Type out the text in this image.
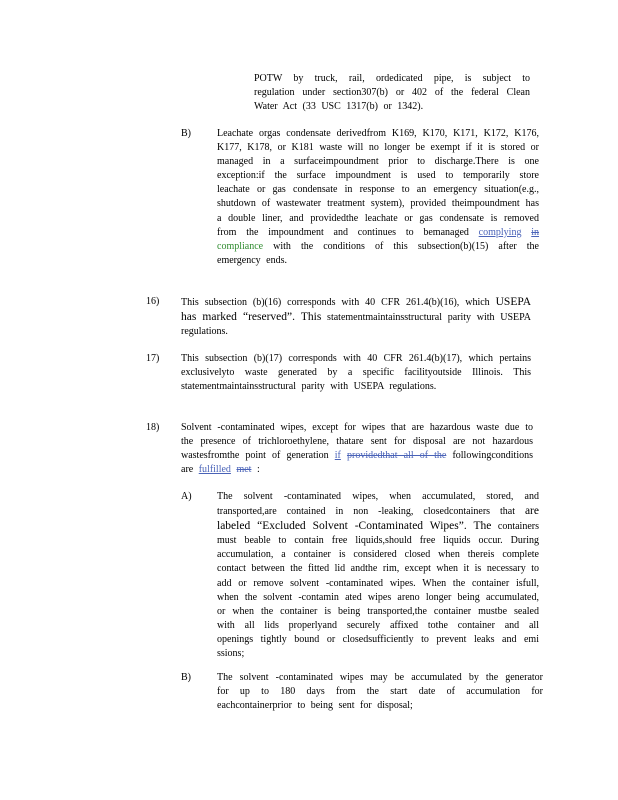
POTW by truck, rail, ordedicated pipe, is subject to regulation under section307(b) or 402 of the federal Clean Water Act (33 USC 1317(b) or 1342).
B)	Leachate orgas condensate derivedfrom K169, K170, K171, K172, K176, K177, K178, or K181 waste will no longer be exempt if it is stored or managed in a surfaceimpoundment prior to discharge.There is one exception:if the surface impoundment is used to temporarily store leachate or gas condensate in response to an emergency situation(e.g., shutdown of wastewater treatment system), provided theimpoundment has a double liner, and providedthe leachate or gas condensate is removed from the impoundment and continues to bemanaged complying in compliance with the conditions of this subsection(b)(15) after the emergency ends.
16) This subsection (b)(16) corresponds with 40 CFR 261.4(b)(16), which USEPA has marked “reserved”. This statementmaintainsstructural parity with USEPA regulations.
17) This subsection (b)(17) corresponds with 40 CFR 261.4(b)(17), which pertains exclusivelyto waste generated by a specific facilityoutside Illinois. This statementmaintainsstructural parity with USEPA regulations.
18) Solvent -contaminated wipes, except for wipes that are hazardous waste due to the presence of trichloroethylene, thatare sent for disposal are not hazardous wastesfromthe point of generation if providedthat all of the followingconditions are fulfilled met :
A)	The solvent -contaminated wipes, when accumulated, stored, and transported,are contained in non -leaking, closedcontainers that are labeled “Excluded Solvent -Contaminated Wipes”. The containers must beable to contain free liquids,should free liquids occur. During accumulation, a container is considered closed when thereis complete contact between the fitted lid andthe rim, except when it is necessary to add or remove solvent -contaminated wipes. When the container isfull, when the solvent -contamin ated wipes areno longer being accumulated, or when the container is being transported,the container mustbe sealed with all lids properlyand securely affixed tothe container and all openings tightly bound or closedsufficiently to prevent leaks and emi ssions;
B)	The solvent -contaminated wipes may be accumulated by the generator for up to 180 days from the start date of accumulation for eachcontainerprior to being sent for disposal;
